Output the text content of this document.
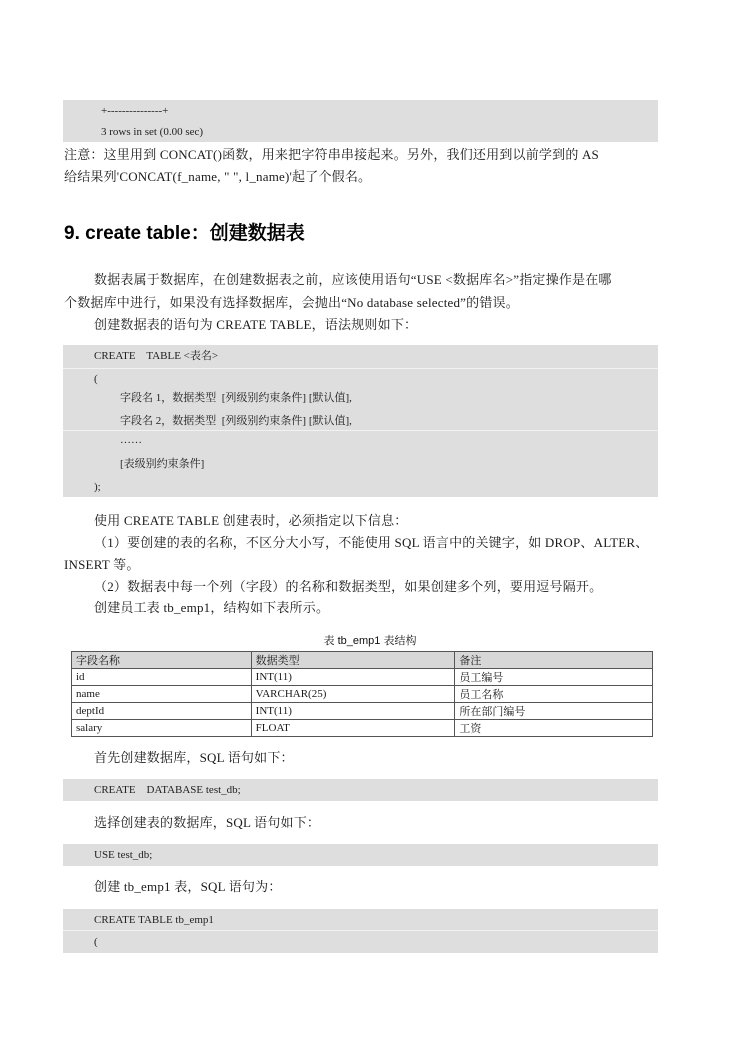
+---------------+
3 rows in set (0.00 sec)
注意：这里用到 CONCAT()函数，用来把字符串串接起来。另外，我们还用到以前学到的 AS
给结果列'CONCAT(f_name, " ", l_name)'起了个假名。
9. create table：创建数据表
数据表属于数据库，在创建数据表之前，应该使用语句“USE <数据库名>”指定操作是在哪
个数据库中进行，如果没有选择数据库，会抛出“No database selected”的错误。
创建数据表的语句为 CREATE TABLE，语法规则如下：
CREATE    TABLE <表名>
(
字段名 1，数据类型  [列级别约束条件] [默认值],
字段名 2，数据类型  [列级别约束条件] [默认值],
……
[表级别约束条件]
);
使用 CREATE TABLE 创建表时，必须指定以下信息：
（1）要创建的表的名称，不区分大小写，不能使用 SQL 语言中的关键字，如 DROP、ALTER、
INSERT 等。
（2）数据表中每一个列（字段）的名称和数据类型，如果创建多个列，要用逗号隔开。
创建员工表 tb_emp1，结构如下表所示。
表 tb_emp1 表结构
字段名称	数据类型	备注
id	INT(11)	员工编号
name	VARCHAR(25)	员工名称
deptId	INT(11)	所在部门编号
salary	FLOAT	工资
首先创建数据库，SQL 语句如下：
CREATE    DATABASE test_db;
选择创建表的数据库，SQL 语句如下：
USE test_db;
创建 tb_emp1 表，SQL 语句为：
CREATE TABLE tb_emp1
(
